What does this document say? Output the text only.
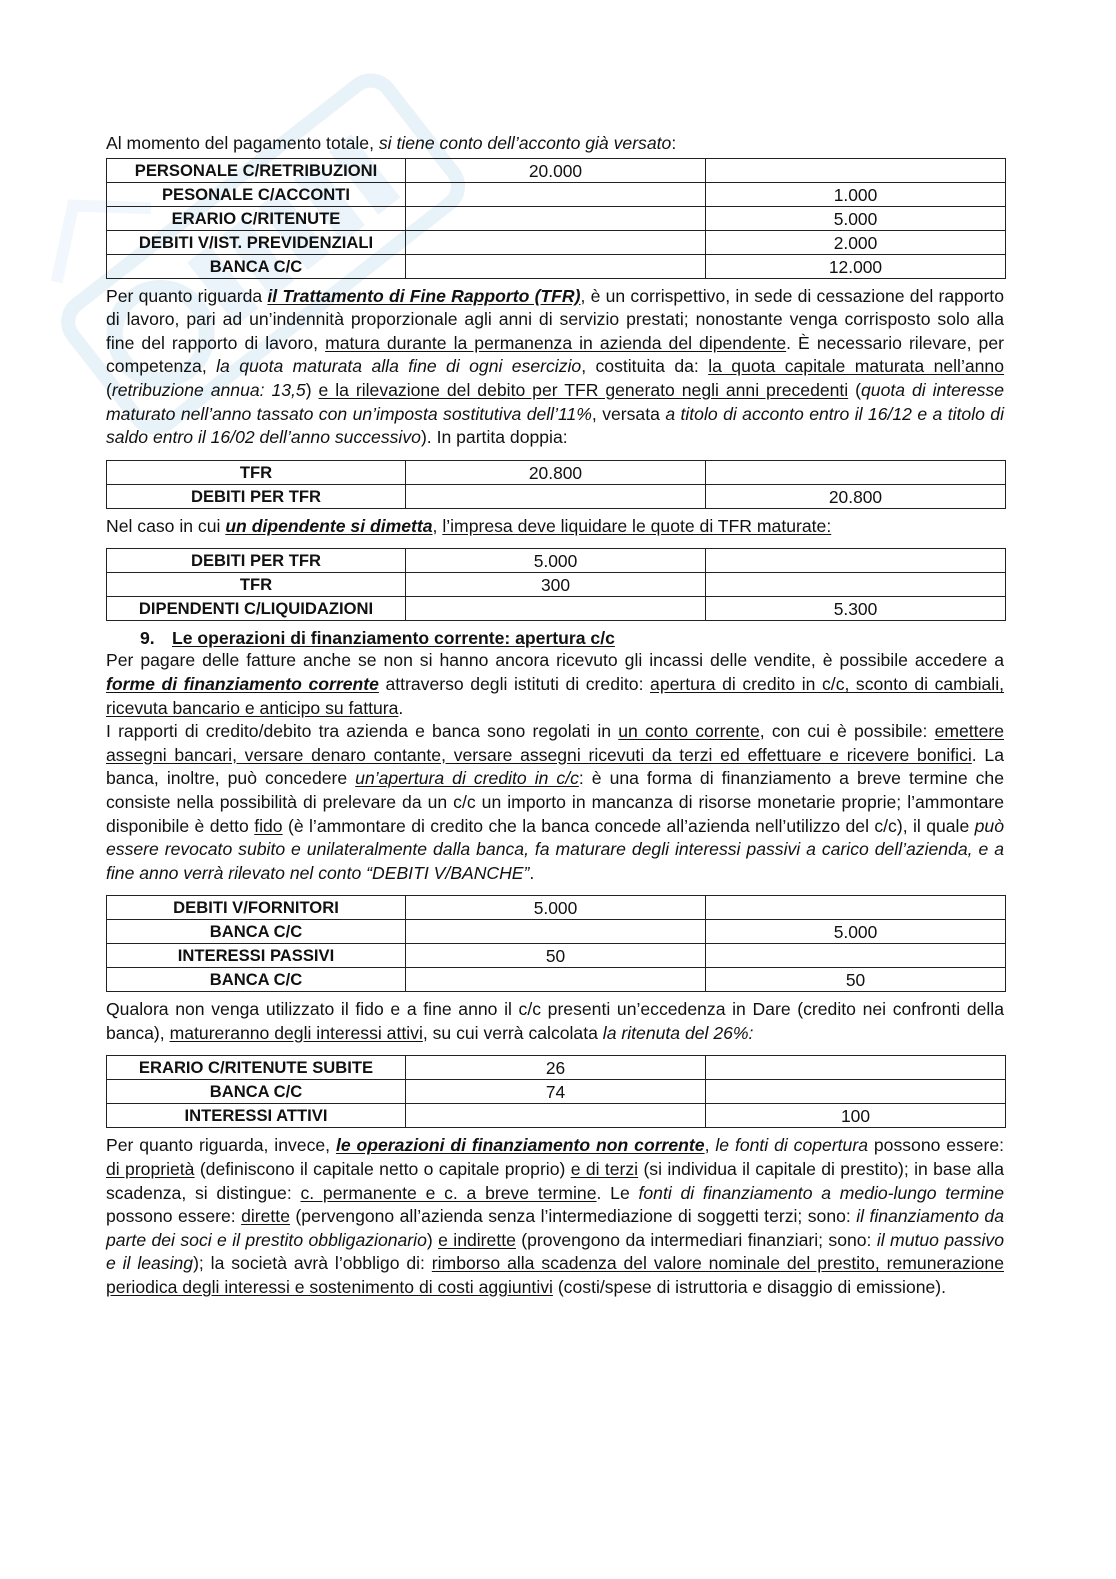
Al momento del pagamento totale, si tiene conto dell’acconto già versato:

PERSONALE C/RETRIBUZIONI	20.000	
PESONALE C/ACCONTI		1.000
ERARIO C/RITENUTE		5.000
DEBITI V/IST. PREVIDENZIALI		2.000
BANCA C/C		12.000

Per quanto riguarda il Trattamento di Fine Rapporto (TFR), è un corrispettivo, in sede di cessazione del rapporto di lavoro, pari ad un’indennità proporzionale agli anni di servizio prestati; nonostante venga corrisposto solo alla fine del rapporto di lavoro, matura durante la permanenza in azienda del dipendente. È necessario rilevare, per competenza, la quota maturata alla fine di ogni esercizio, costituita da: la quota capitale maturata nell’anno (retribuzione annua: 13,5) e la rilevazione del debito per TFR generato negli anni precedenti (quota di interesse maturato nell’anno tassato con un’imposta sostitutiva dell’11%, versata a titolo di acconto entro il 16/12 e a titolo di saldo entro il 16/02 dell’anno successivo). In partita doppia:

TFR	20.800	
DEBITI PER TFR		20.800

Nel caso in cui un dipendente si dimetta, l’impresa deve liquidare le quote di TFR maturate:

DEBITI PER TFR	5.000	
TFR	300	
DIPENDENTI C/LIQUIDAZIONI		5.300
9. Le operazioni di finanziamento corrente: apertura c/c

Per pagare delle fatture anche se non si hanno ancora ricevuto gli incassi delle vendite, è possibile accedere a forme di finanziamento corrente attraverso degli istituti di credito: apertura di credito in c/c, sconto di cambiali, ricevuta bancario e anticipo su fattura.

I rapporti di credito/debito tra azienda e banca sono regolati in un conto corrente, con cui è possibile: emettere assegni bancari, versare denaro contante, versare assegni ricevuti da terzi ed effettuare e ricevere bonifici. La banca, inoltre, può concedere un’apertura di credito in c/c: è una forma di finanziamento a breve termine che consiste nella possibilità di prelevare da un c/c un importo in mancanza di risorse monetarie proprie; l’ammontare disponibile è detto fido (è l’ammontare di credito che la banca concede all’azienda nell’utilizzo del c/c), il quale può essere revocato subito e unilateralmente dalla banca, fa maturare degli interessi passivi a carico dell’azienda, e a fine anno verrà rilevato nel conto “DEBITI V/BANCHE”.

DEBITI V/FORNITORI	5.000	
BANCA C/C		5.000
INTERESSI PASSIVI	50	
BANCA C/C		50

Qualora non venga utilizzato il fido e a fine anno il c/c presenti un’eccedenza in Dare (credito nei confronti della banca), matureranno degli interessi attivi, su cui verrà calcolata la ritenuta del 26%:

ERARIO C/RITENUTE SUBITE	26	
BANCA C/C	74	
INTERESSI ATTIVI		100

Per quanto riguarda, invece, le operazioni di finanziamento non corrente, le fonti di copertura possono essere: di proprietà (definiscono il capitale netto o capitale proprio) e di terzi (si individua il capitale di prestito); in base alla scadenza, si distingue: c. permanente e c. a breve termine. Le fonti di finanziamento a medio-lungo termine possono essere: dirette (pervengono all’azienda senza l’intermediazione di soggetti terzi; sono: il finanziamento da parte dei soci e il prestito obbligazionario) e indirette (provengono da intermediari finanziari; sono: il mutuo passivo e il leasing); la società avrà l’obbligo di: rimborso alla scadenza del valore nominale del prestito, remunerazione periodica degli interessi e sostenimento di costi aggiuntivi (costi/spese di istruttoria e disaggio di emissione).
